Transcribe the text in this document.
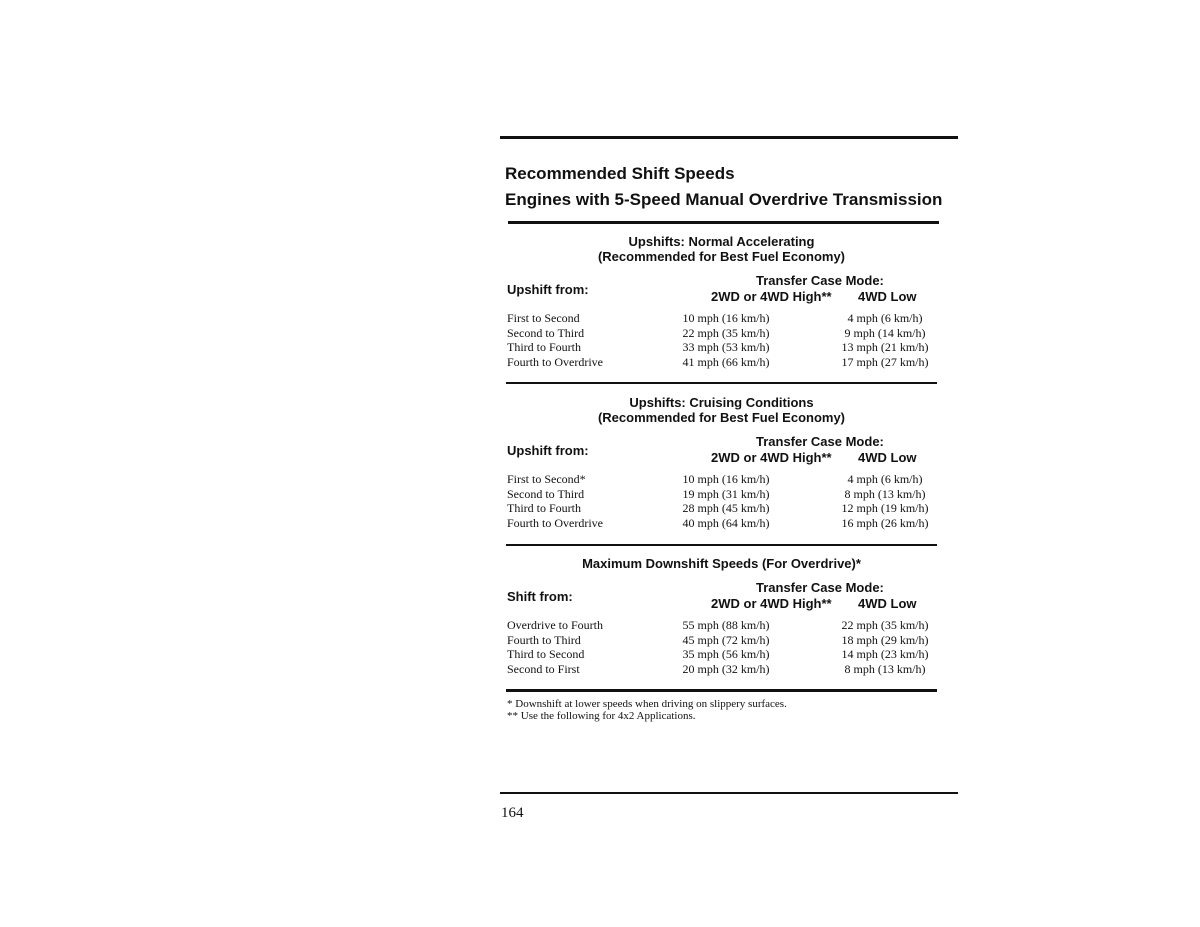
Recommended Shift Speeds
Engines with 5-Speed Manual Overdrive Transmission
Upshifts: Normal Accelerating
(Recommended for Best Fuel Economy)
Upshift from:
Transfer Case Mode:
2WD or 4WD High** 4WD Low
First to Second	10 mph (16 km/h)	4 mph (6 km/h)
Second to Third	22 mph (35 km/h)	9 mph (14 km/h)
Third to Fourth	33 mph (53 km/h)	13 mph (21 km/h)
Fourth to Overdrive	41 mph (66 km/h)	17 mph (27 km/h)
Upshifts: Cruising Conditions
(Recommended for Best Fuel Economy)
Upshift from:
Transfer Case Mode:
2WD or 4WD High** 4WD Low
First to Second*	10 mph (16 km/h)	4 mph (6 km/h)
Second to Third	19 mph (31 km/h)	8 mph (13 km/h)
Third to Fourth	28 mph (45 km/h)	12 mph (19 km/h)
Fourth to Overdrive	40 mph (64 km/h)	16 mph (26 km/h)
Maximum Downshift Speeds (For Overdrive)*
Shift from:
Transfer Case Mode:
2WD or 4WD High** 4WD Low
Overdrive to Fourth	55 mph (88 km/h)	22 mph (35 km/h)
Fourth to Third	45 mph (72 km/h)	18 mph (29 km/h)
Third to Second	35 mph (56 km/h)	14 mph (23 km/h)
Second to First	20 mph (32 km/h)	8 mph (13 km/h)
* Downshift at lower speeds when driving on slippery surfaces.
** Use the following for 4x2 Applications.
164
